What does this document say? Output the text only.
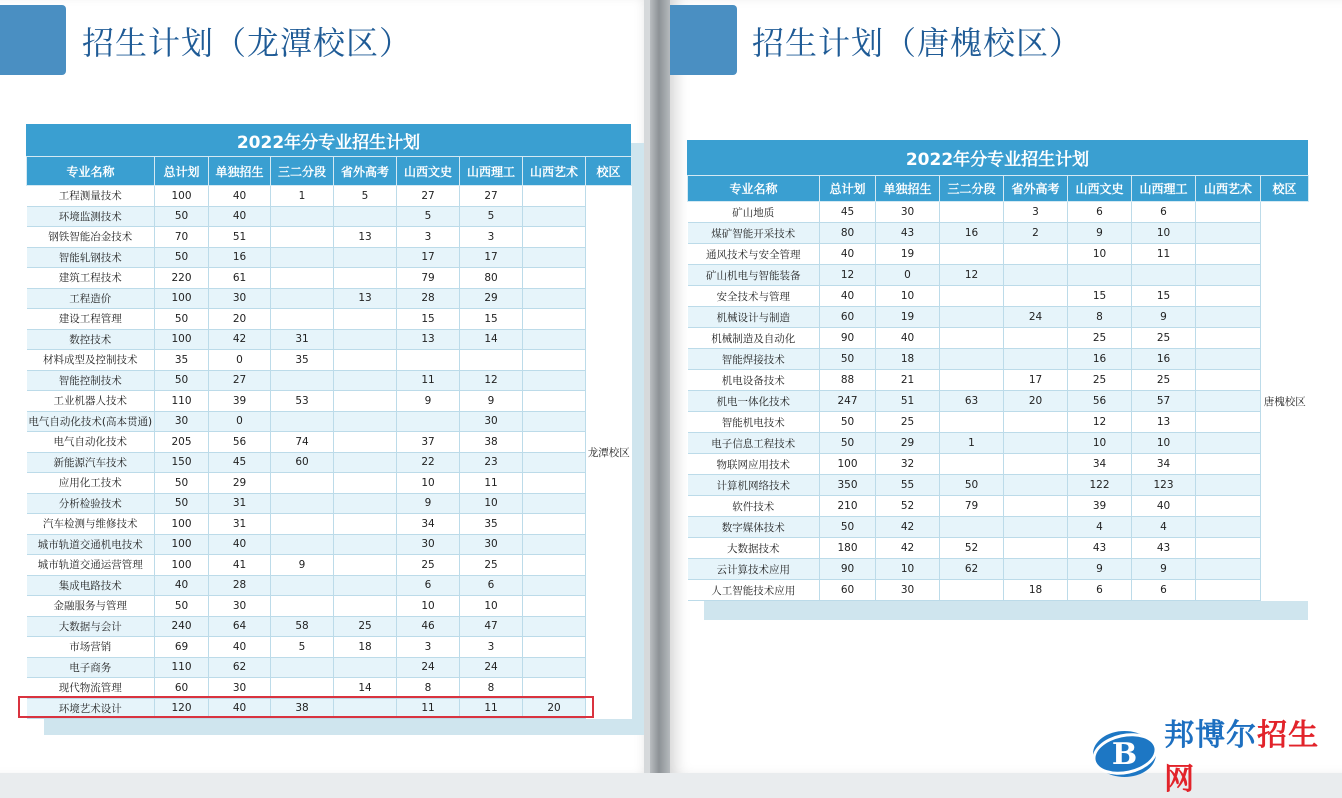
招生计划（龙潭校区）
2022年分专业招生计划
专业名称	总计划	单独招生	三二分段	省外高考	山西文史	山西理工	山西艺术	校区
工程测量技术	100	40	1	5	27	27		龙潭校区
环境监测技术	50	40			5	5		
钢铁智能冶金技术	70	51		13	3	3		
智能轧钢技术	50	16			17	17		
建筑工程技术	220	61			79	80		
工程造价	100	30		13	28	29		
建设工程管理	50	20			15	15		
数控技术	100	42	31		13	14		
材料成型及控制技术	35	0	35					
智能控制技术	50	27			11	12		
工业机器人技术	110	39	53		9	9		
电气自动化技术(高本贯通)	30	0				30		
电气自动化技术	205	56	74		37	38		
新能源汽车技术	150	45	60		22	23		
应用化工技术	50	29			10	11		
分析检验技术	50	31			9	10		
汽车检测与维修技术	100	31			34	35		
城市轨道交通机电技术	100	40			30	30		
城市轨道交通运营管理	100	41	9		25	25		
集成电路技术	40	28			6	6		
金融服务与管理	50	30			10	10		
大数据与会计	240	64	58	25	46	47		
市场营销	69	40	5	18	3	3		
电子商务	110	62			24	24		
现代物流管理	60	30		14	8	8		
环境艺术设计	120	40	38		11	11	20	
招生计划（唐槐校区）
2022年分专业招生计划
专业名称	总计划	单独招生	三二分段	省外高考	山西文史	山西理工	山西艺术	校区
矿山地质	45	30		3	6	6		唐槐校区
煤矿智能开采技术	80	43	16	2	9	10		
通风技术与安全管理	40	19			10	11		
矿山机电与智能装备	12	0	12					
安全技术与管理	40	10			15	15		
机械设计与制造	60	19		24	8	9		
机械制造及自动化	90	40			25	25		
智能焊接技术	50	18			16	16		
机电设备技术	88	21		17	25	25		
机电一体化技术	247	51	63	20	56	57		
智能机电技术	50	25			12	13		
电子信息工程技术	50	29	1		10	10		
物联网应用技术	100	32			34	34		
计算机网络技术	350	55	50		122	123		
软件技术	210	52	79		39	40		
数字媒体技术	50	42			4	4		
大数据技术	180	42	52		43	43		
云计算技术应用	90	10	62		9	9		
人工智能技术应用	60	30		18	6	6		
B
邦博尔招生网
